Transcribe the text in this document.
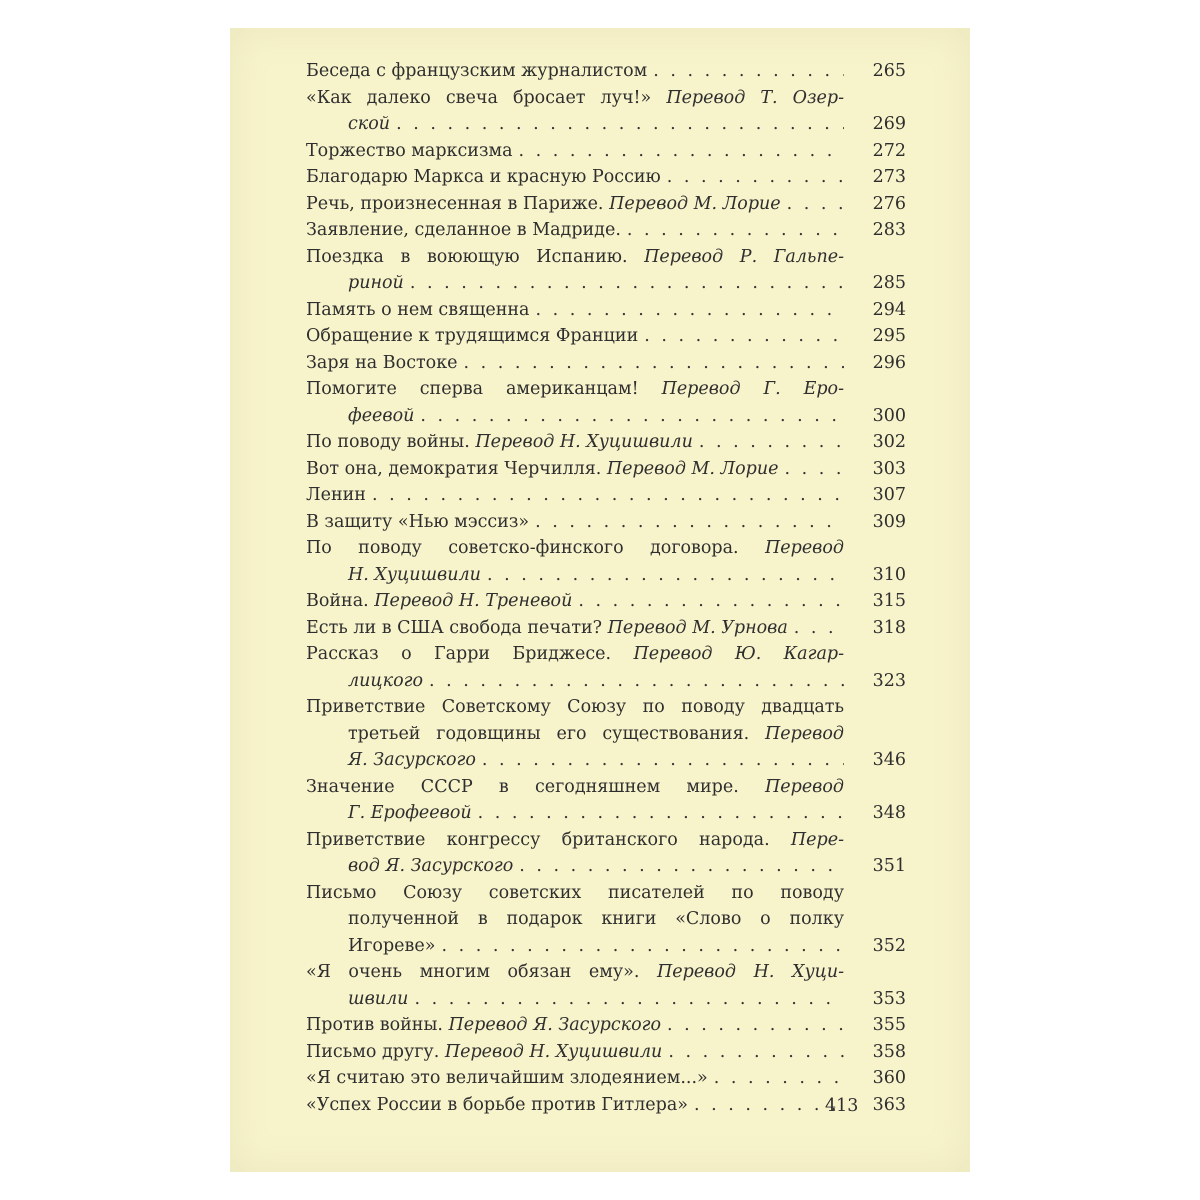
Беседа с французским журналистом . . .	265
«Как далеко свеча бросает луч!» Перевод Т. Озер-
ской . . .	269
Торжество марксизма . . .	272
Благодарю Маркса и красную Россию . . .	273
Речь, произнесенная в Париже. Перевод М. Лорие . . .	276
Заявление, сделанное в Мадриде. . . .	283
Поездка в воюющую Испанию. Перевод Р. Гальпе-
риной . . .	285
Память о нем священна . . .	294
Обращение к трудящимся Франции . . .	295
Заря на Востоке . . .	296
Помогите сперва американцам! Перевод Г. Еро-
феевой . . .	300
По поводу войны. Перевод Н. Хуцишвили . . .	302
Вот она, демократия Черчилля. Перевод М. Лорие . . .	303
Ленин . . .	307
В защиту «Нью мэссиз» . . .	309
По поводу советско-финского договора. Перевод
Н. Хуцишвили . . .	310
Война. Перевод Н. Треневой . . .	315
Есть ли в США свобода печати? Перевод М. Урнова . . .	318
Рассказ о Гарри Бриджесе. Перевод Ю. Кагар-
лицкого . . .	323
Приветствие Советскому Союзу по поводу двадцать
третьей годовщины его существования. Перевод
Я. Засурского . . .	346
Значение СССР в сегодняшнем мире. Перевод
Г. Ерофеевой . . .	348
Приветствие конгрессу британского народа. Пере-
вод Я. Засурского . . .	351
Письмо Союзу советских писателей по поводу
полученной в подарок книги «Слово о полку
Игореве» . . .	352
«Я очень многим обязан ему». Перевод Н. Хуци-
швили . . .	353
Против войны. Перевод Я. Засурского . . .	355
Письмо другу. Перевод Н. Хуцишвили . . .	358
«Я считаю это величайшим злодеянием...» . . .	360
«Успех России в борьбе против Гитлера» . . .	363
413
